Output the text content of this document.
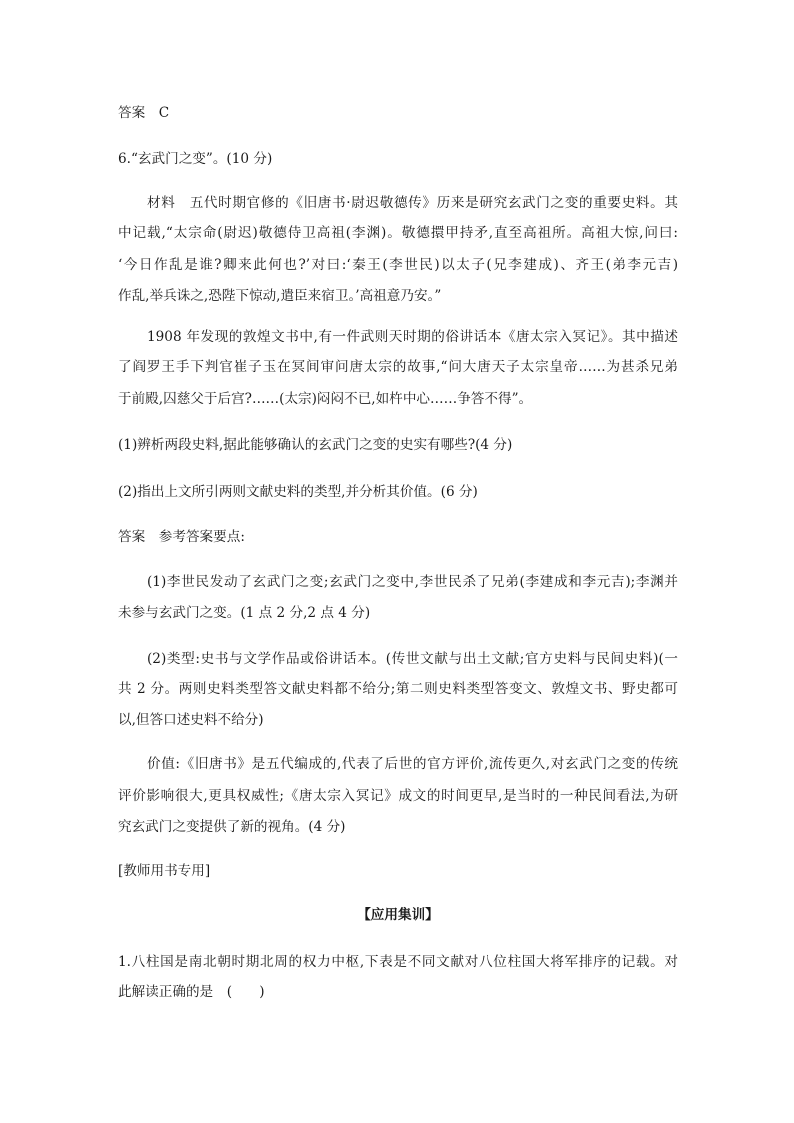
答案　C
6.“玄武门之变”。(10 分)
材料　五代时期官修的《旧唐书·尉迟敬德传》历来是研究玄武门之变的重要史料。其
中记载,“太宗命(尉迟)敬德侍卫高祖(李渊)。敬德擐甲持矛,直至高祖所。高祖大惊,问曰:
‘今日作乱是谁?卿来此何也?’对曰:‘秦王(李世民)以太子(兄李建成)、齐王(弟李元吉)
作乱,举兵诛之,恐陛下惊动,遣臣来宿卫。’高祖意乃安。”
1908 年发现的敦煌文书中,有一件武则天时期的俗讲话本《唐太宗入冥记》。其中描述
了阎罗王手下判官崔子玉在冥间审问唐太宗的故事,“问大唐天子太宗皇帝……为甚杀兄弟
于前殿,囚慈父于后宫?……(太宗)闷闷不已,如杵中心……争答不得”。
(1)辨析两段史料,据此能够确认的玄武门之变的史实有哪些?(4 分)
(2)指出上文所引两则文献史料的类型,并分析其价值。(6 分)
答案　参考答案要点:
(1)李世民发动了玄武门之变;玄武门之变中,李世民杀了兄弟(李建成和李元吉);李渊并
未参与玄武门之变。(1 点 2 分,2 点 4 分)
(2)类型:史书与文学作品或俗讲话本。(传世文献与出土文献;官方史料与民间史料)(一
共 2 分。两则史料类型答文献史料都不给分;第二则史料类型答变文、敦煌文书、野史都可
以,但答口述史料不给分)
价值:《旧唐书》是五代编成的,代表了后世的官方评价,流传更久,对玄武门之变的传统
评价影响很大,更具权威性;《唐太宗入冥记》成文的时间更早,是当时的一种民间看法,为研
究玄武门之变提供了新的视角。(4 分)
[教师用书专用]
【应用集训】
1.八柱国是南北朝时期北周的权力中枢,下表是不同文献对八位柱国大将军排序的记载。对
此解读正确的是　(　　)
